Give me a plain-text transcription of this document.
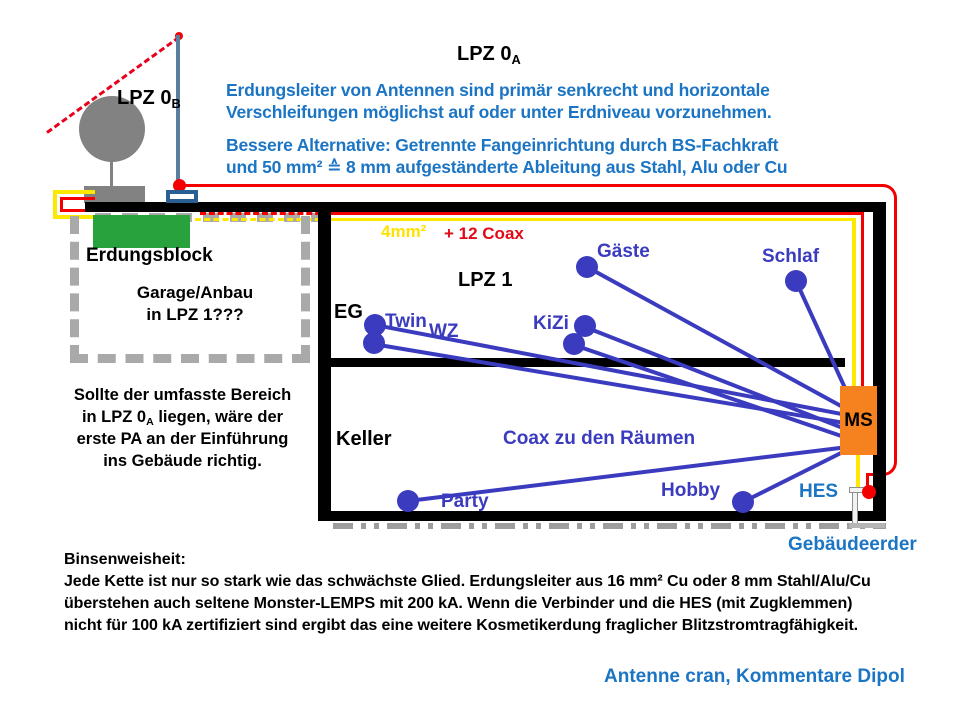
LPZ 0B
Erdungsblock
Garage/Anbau
in LPZ 1???
MS
LPZ 0A
Erdungsleiter von Antennen sind primär senkrecht und horizontale
Verschleifungen möglichst auf oder unter Erdniveau vorzunehmen.
Bessere Alternative: Getrennte Fangeinrichtung durch BS-Fachkraft
und 50 mm² ≙ 8 mm aufgeständerte Ableitung aus Stahl, Alu oder Cu
4mm² + 12 Coax
LPZ 1
EG
Keller	Coax zu den Räumen
Twin WZ	KiZi
Gäste	Schlaf
Party
Hobby	HES
Gebäudeerder
Sollte der umfasste Bereich
in LPZ 0A liegen, wäre der
erste PA an der Einführung
ins Gebäude richtig.
Binsenweisheit:
Jede Kette ist nur so stark wie das schwächste Glied. Erdungsleiter aus 16 mm² Cu oder 8 mm Stahl/Alu/Cu
überstehen auch seltene Monster-LEMPS mit 200 kA. Wenn die Verbinder und die HES (mit Zugklemmen)
nicht für 100 kA zertifiziert sind ergibt das eine weitere Kosmetikerdung fraglicher Blitzstromtragfähigkeit.
Antenne cran, Kommentare Dipol
